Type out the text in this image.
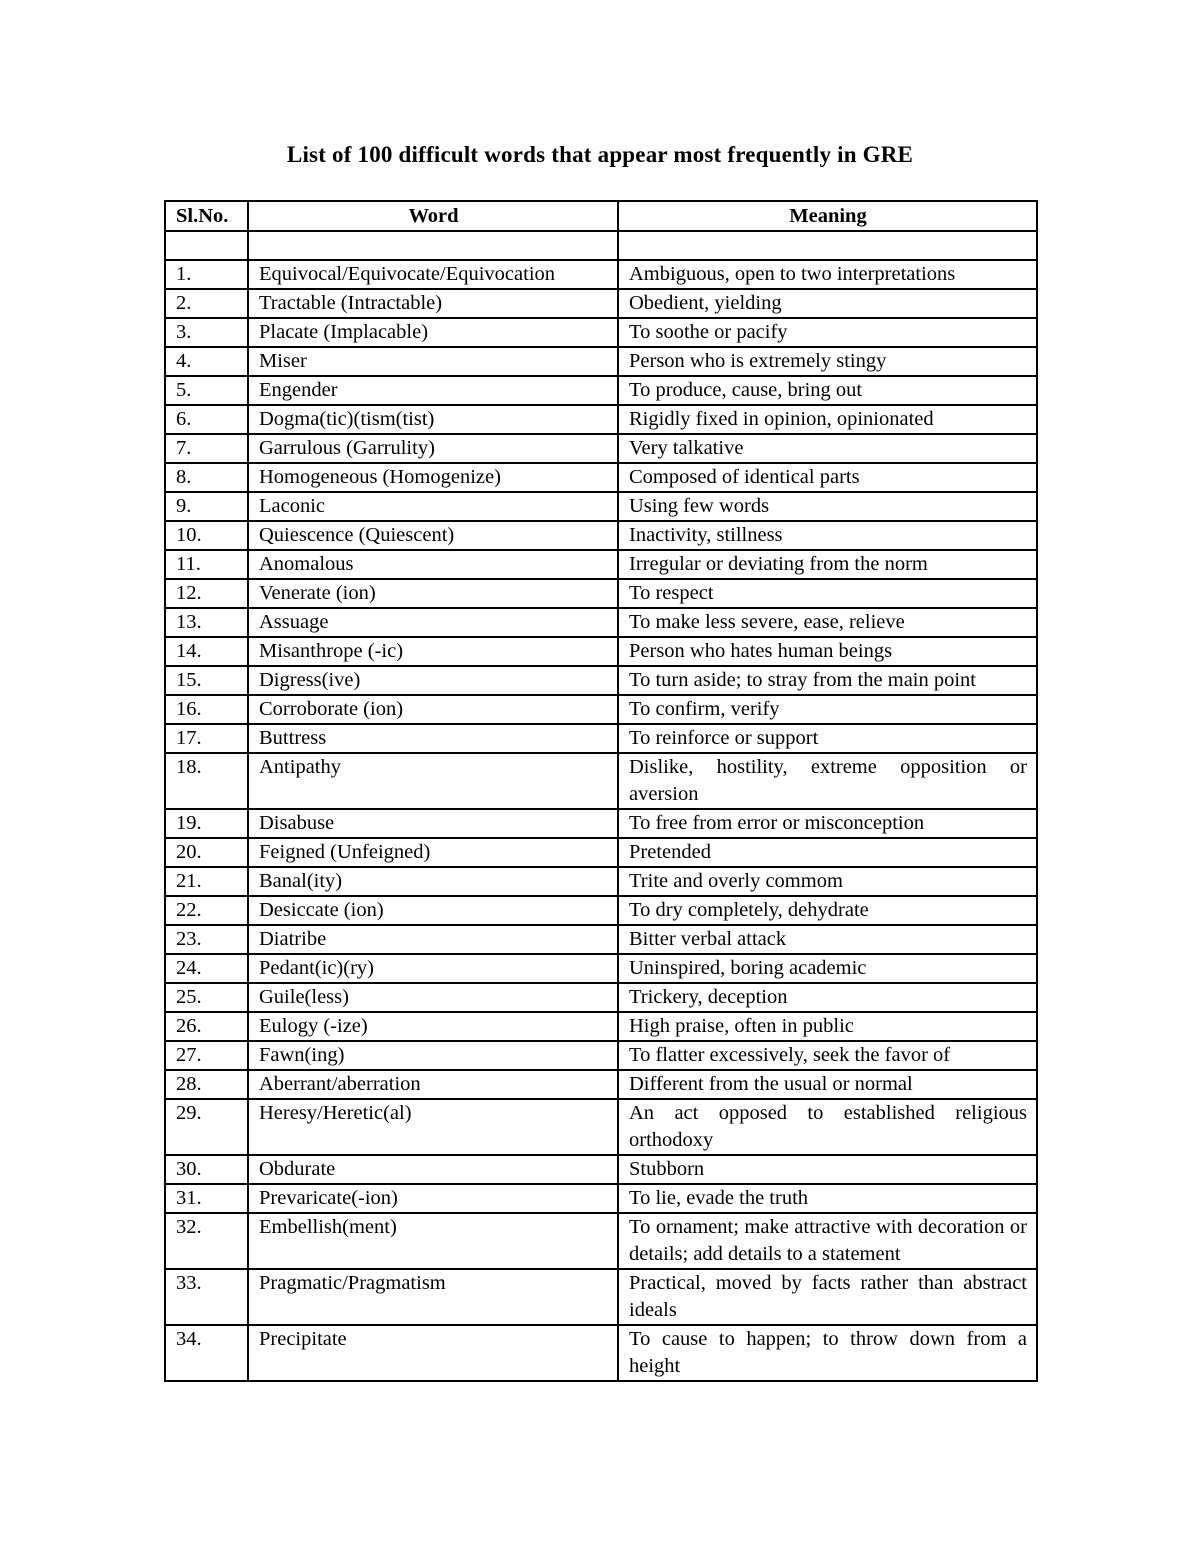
List of 100 difficult words that appear most frequently in GRE
Sl.No.	Word	Meaning

1.	Equivocal/Equivocate/Equivocation	Ambiguous, open to two interpretations
2.	Tractable (Intractable)	Obedient, yielding
3.	Placate (Implacable)	To soothe or pacify
4.	Miser	Person who is extremely stingy
5.	Engender	To produce, cause, bring out
6.	Dogma(tic)(tism(tist)	Rigidly fixed in opinion, opinionated
7.	Garrulous (Garrulity)	Very talkative
8.	Homogeneous (Homogenize)	Composed of identical parts
9.	Laconic	Using few words
10.	Quiescence (Quiescent)	Inactivity, stillness
11.	Anomalous	Irregular or deviating from the norm
12.	Venerate (ion)	To respect
13.	Assuage	To make less severe, ease, relieve
14.	Misanthrope (-ic)	Person who hates human beings
15.	Digress(ive)	To turn aside; to stray from the main point
16.	Corroborate (ion)	To confirm, verify
17.	Buttress	To reinforce or support
18.	Antipathy	Dislike, hostility, extreme opposition or aversion
19.	Disabuse	To free from error or misconception
20.	Feigned (Unfeigned)	Pretended
21.	Banal(ity)	Trite and overly commom
22.	Desiccate (ion)	To dry completely, dehydrate
23.	Diatribe	Bitter verbal attack
24.	Pedant(ic)(ry)	Uninspired, boring academic
25.	Guile(less)	Trickery, deception
26.	Eulogy (-ize)	High praise, often in public
27.	Fawn(ing)	To flatter excessively, seek the favor of
28.	Aberrant/aberration	Different from the usual or normal
29.	Heresy/Heretic(al)	An act opposed to established religious orthodoxy
30.	Obdurate	Stubborn
31.	Prevaricate(-ion)	To lie, evade the truth
32.	Embellish(ment)	To ornament; make attractive with decoration or details; add details to a statement
33.	Pragmatic/Pragmatism	Practical, moved by facts rather than abstract ideals
34.	Precipitate	To cause to happen; to throw down from a height
